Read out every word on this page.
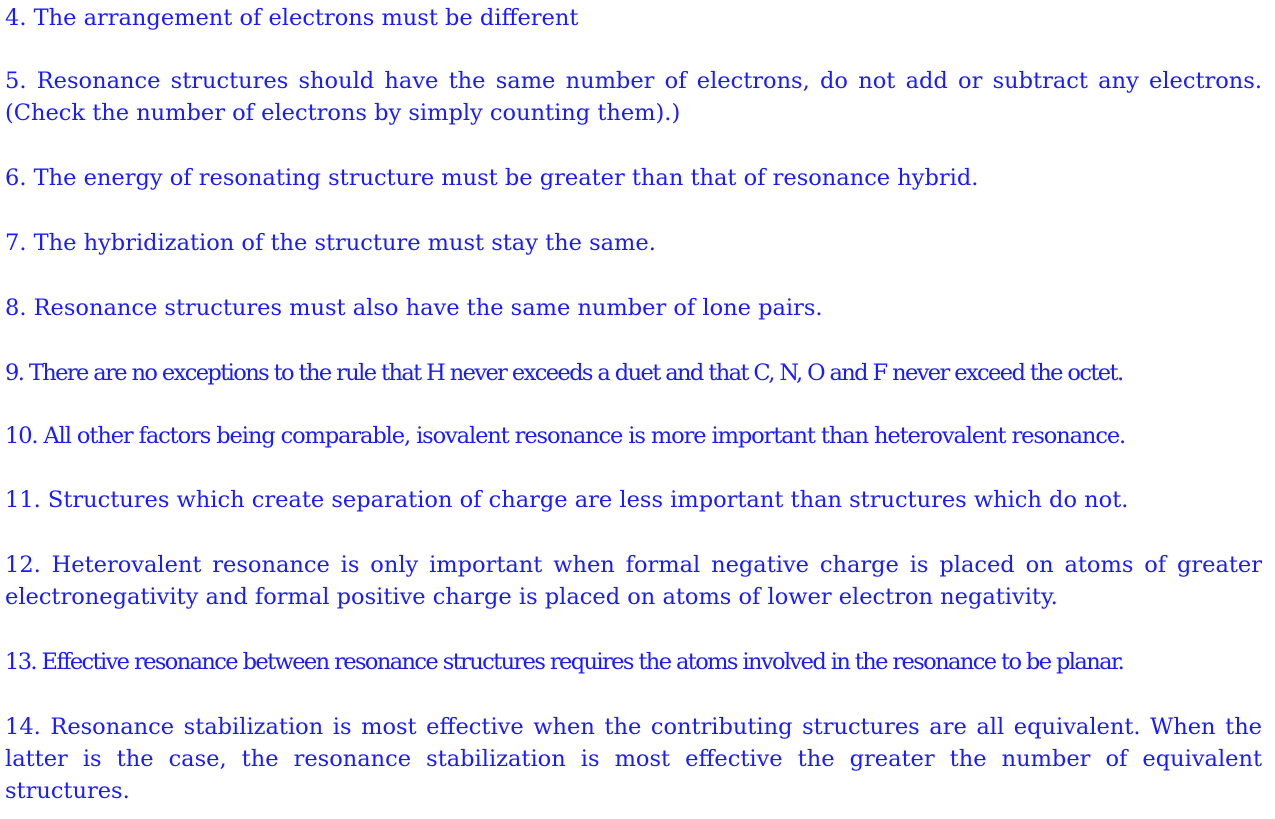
4. The arrangement of electrons must be different

5. Resonance structures should have the same number of electrons, do not add or subtract any electrons. (Check the number of electrons by simply counting them).)

6. The energy of resonating structure must be greater than that of resonance hybrid.

7. The hybridization of the structure must stay the same.

8. Resonance structures must also have the same number of lone pairs.

9. There are no exceptions to the rule that H never exceeds a duet and that C, N, O and F never exceed the octet.

10. All other factors being comparable, isovalent resonance is more important than heterovalent resonance.

11. Structures which create separation of charge are less important than structures which do not.

12. Heterovalent resonance is only important when formal negative charge is placed on atoms of greater electronegativity and formal positive charge is placed on atoms of lower electron negativity.

13. Effective resonance between resonance structures requires the atoms involved in the resonance to be planar.

14. Resonance stabilization is most effective when the contributing structures are all equivalent. When the latter is the case, the resonance stabilization is most effective the greater the number of equivalent structures.
